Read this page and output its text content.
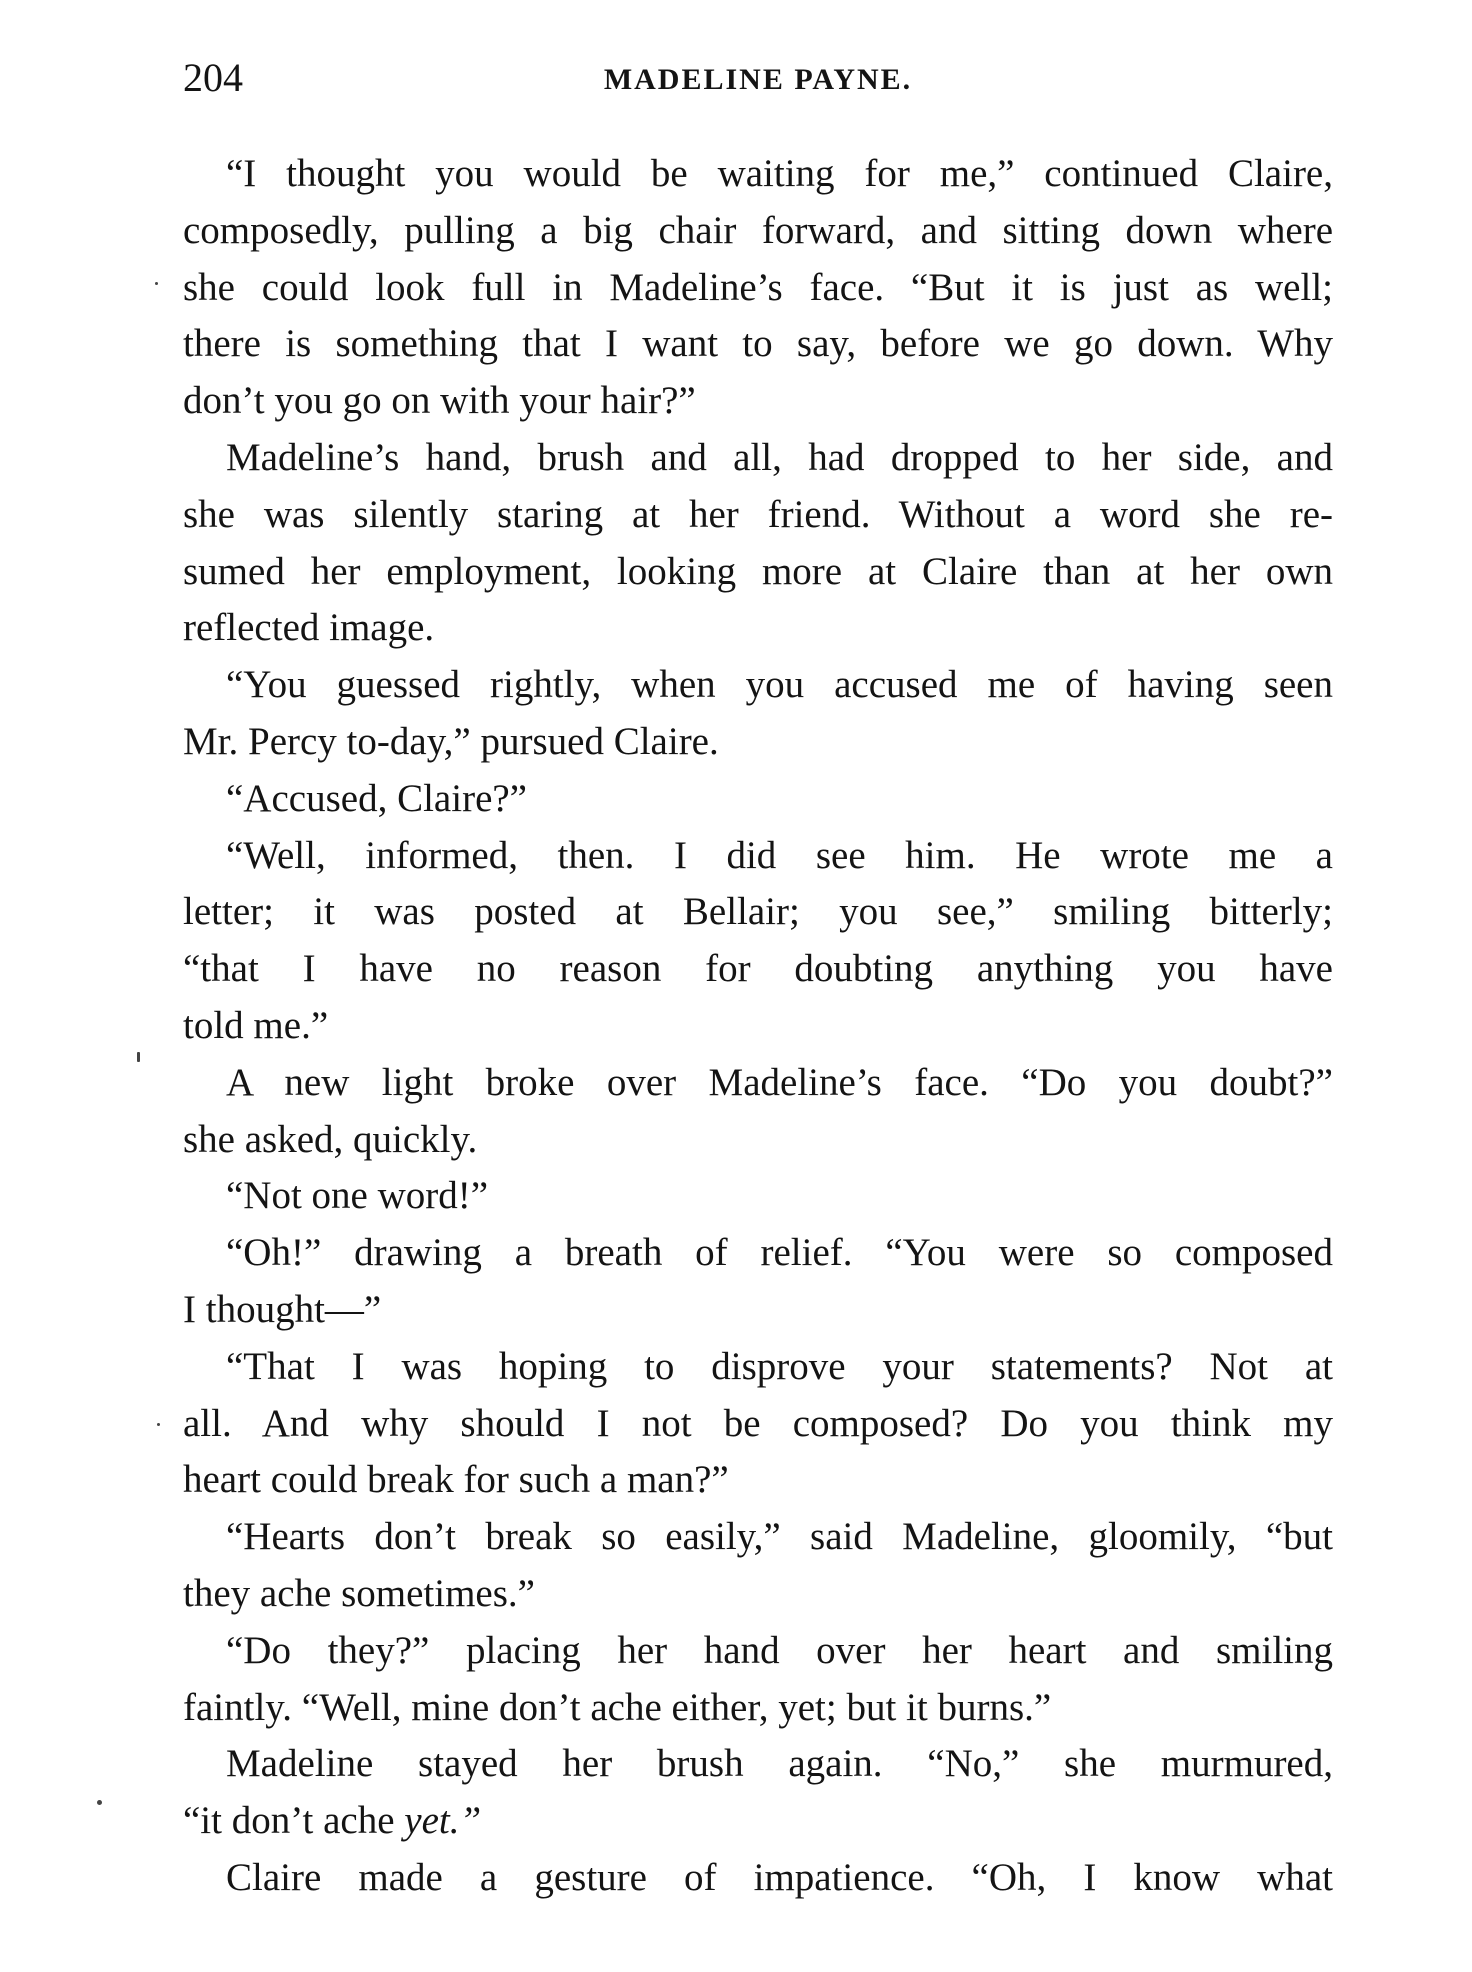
204	MADELINE PAYNE.
“I thought you would be waiting for me,” continued Claire,
composedly, pulling a big chair forward, and sitting down where
she could look full in Madeline’s face. “But it is just as well;
there is something that I want to say, before we go down. Why
don’t you go on with your hair?”
Madeline’s hand, brush and all, had dropped to her side, and
she was silently staring at her friend. Without a word she re-
sumed her employment, looking more at Claire than at her own
reflected image.
“You guessed rightly, when you accused me of having seen
Mr. Percy to-day,” pursued Claire.
“Accused, Claire?”
“Well, informed, then. I did see him. He wrote me a
letter; it was posted at Bellair; you see,” smiling bitterly;
“that I have no reason for doubting anything you have
told me.”
A new light broke over Madeline’s face. “Do you doubt?”
she asked, quickly.
“Not one word!”
“Oh!” drawing a breath of relief. “You were so composed
I thought—”
“That I was hoping to disprove your statements? Not at
all. And why should I not be composed? Do you think my
heart could break for such a man?”
“Hearts don’t break so easily,” said Madeline, gloomily, “but
they ache sometimes.”
“Do they?” placing her hand over her heart and smiling
faintly. “Well, mine don’t ache either, yet; but it burns.”
Madeline stayed her brush again. “No,” she murmured,
“it don’t ache yet.”
Claire made a gesture of impatience. “Oh, I know what
